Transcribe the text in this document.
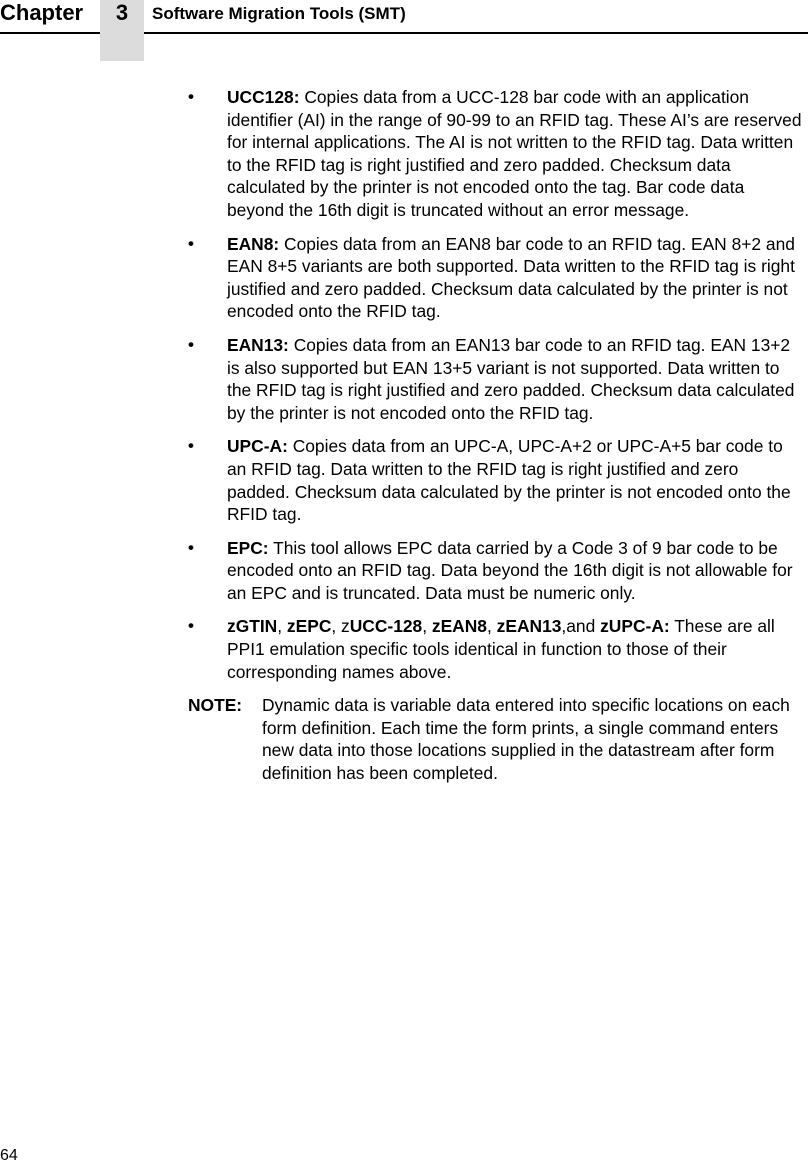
Chapter	3	Software Migration Tools (SMT)
• UCC128: Copies data from a UCC-128 bar code with an application identifier (AI) in the range of 90-99 to an RFID tag. These AI’s are reserved for internal applications. The AI is not written to the RFID tag. Data written to the RFID tag is right justified and zero padded. Checksum data calculated by the printer is not encoded onto the tag. Bar code data beyond the 16th digit is truncated without an error message.
• EAN8: Copies data from an EAN8 bar code to an RFID tag. EAN 8+2 and EAN 8+5 variants are both supported. Data written to the RFID tag is right justified and zero padded. Checksum data calculated by the printer is not encoded onto the RFID tag.
• EAN13: Copies data from an EAN13 bar code to an RFID tag. EAN 13+2 is also supported but EAN 13+5 variant is not supported. Data written to the RFID tag is right justified and zero padded. Checksum data calculated by the printer is not encoded onto the RFID tag.
• UPC-A: Copies data from an UPC-A, UPC-A+2 or UPC-A+5 bar code to an RFID tag. Data written to the RFID tag is right justified and zero padded. Checksum data calculated by the printer is not encoded onto the RFID tag.
• EPC: This tool allows EPC data carried by a Code 3 of 9 bar code to be encoded onto an RFID tag. Data beyond the 16th digit is not allowable for an EPC and is truncated. Data must be numeric only.
• zGTIN, zEPC, zUCC-128, zEAN8, zEAN13,and zUPC-A: These are all PPI1 emulation specific tools identical in function to those of their corresponding names above.
NOTE: Dynamic data is variable data entered into specific locations on each form definition. Each time the form prints, a single command enters new data into those locations supplied in the datastream after form definition has been completed.
64
